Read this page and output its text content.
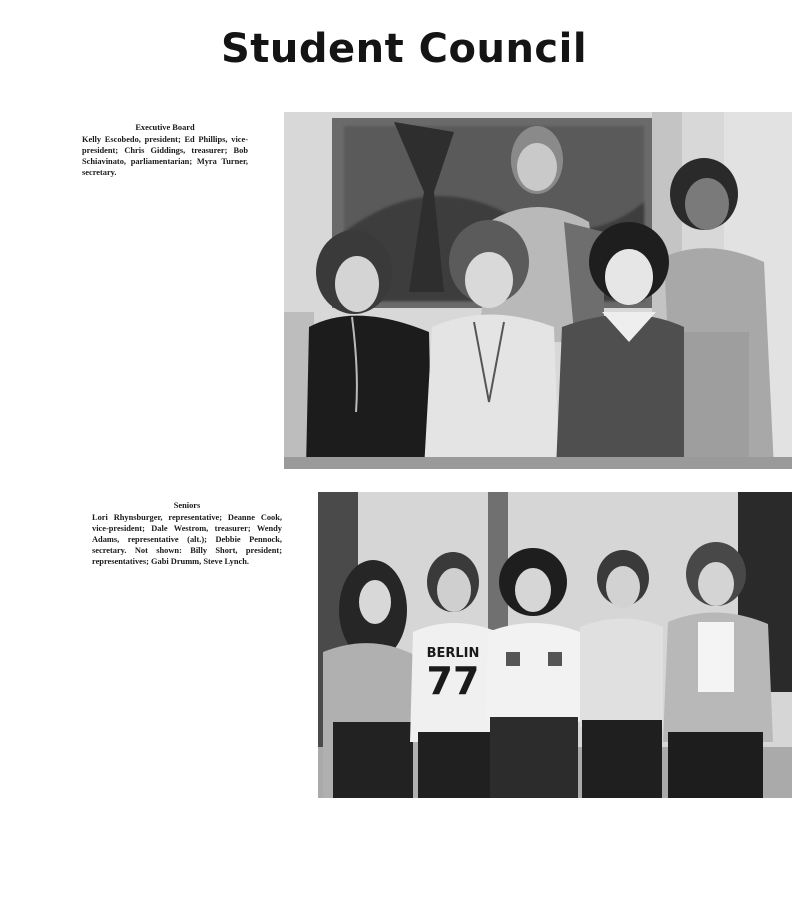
Student Council
Executive Board
Kelly Escobedo, president; Ed Phillips, vice-president; Chris Giddings, treasurer; Bob Schiavinato, parliamentarian; Myra Turner, secretary.
Seniors
Lori Rhynsburger, representative; Deanne Cook, vice-president; Dale Westrom, treasurer; Wendy Adams, representative (alt.); Debbie Pennock, secretary. Not shown: Billy Short, president; representatives; Gabi Drumm, Steve Lynch.
BERLIN
77
